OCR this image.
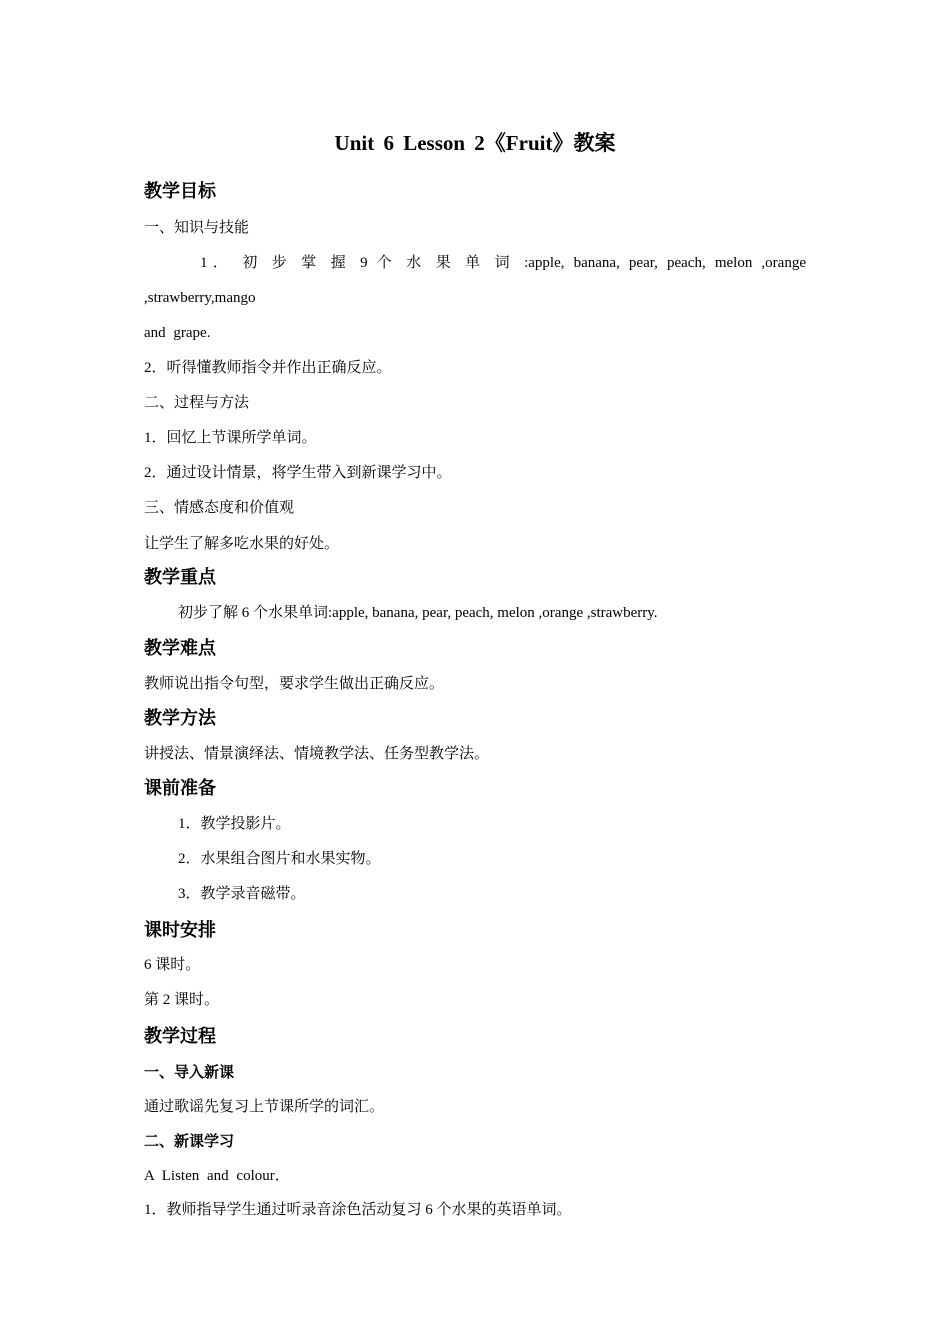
Unit 6 Lesson 2《Fruit》教案
教学目标
一、知识与技能
1． 初 步 掌 握 9 个 水 果 单 词 :apple, banana, pear, peach, melon ,orange
,strawberry,mango
and grape.
2．听得懂教师指令并作出正确反应。
二、过程与方法
1．回忆上节课所学单词。
2．通过设计情景，将学生带入到新课学习中。
三、情感态度和价值观
让学生了解多吃水果的好处。
教学重点
初步了解 6 个水果单词:apple, banana, pear, peach, melon ,orange ,strawberry.
教学难点
教师说出指令句型，要求学生做出正确反应。
教学方法
讲授法、情景演绎法、情境教学法、任务型教学法。
课前准备
1．教学投影片。
2．水果组合图片和水果实物。
3．教学录音磁带。
课时安排
6 课时。
第 2 课时。
教学过程
一、导入新课
通过歌谣先复习上节课所学的词汇。
二、新课学习
A Listen and colour．
1．教师指导学生通过听录音涂色活动复习 6 个水果的英语单词。
